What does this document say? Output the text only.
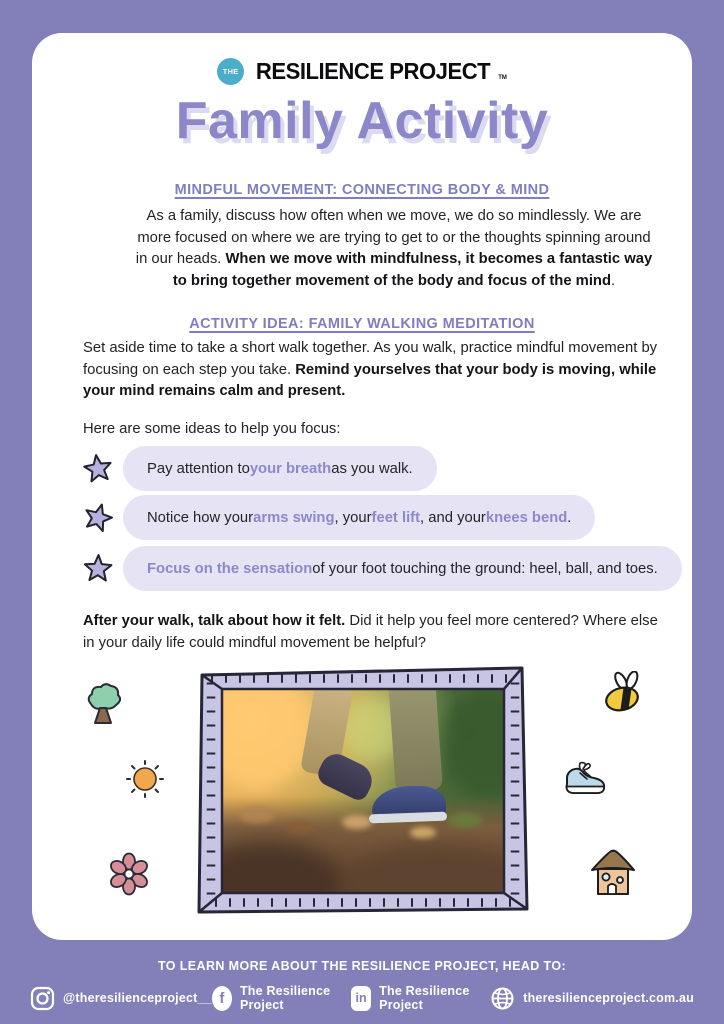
THE RESILIENCE PROJECT TM
Family Activity
MINDFUL MOVEMENT: CONNECTING BODY & MIND

As a family, discuss how often when we move, we do so mindlessly. We are more focused on where we are trying to get to or the thoughts spinning around in our heads. When we move with mindfulness, it becomes a fantastic way to bring together movement of the body and focus of the mind.

ACTIVITY IDEA: FAMILY WALKING MEDITATION

Set aside time to take a short walk together. As you walk, practice mindful movement by focusing on each step you take. Remind yourselves that your body is moving, while your mind remains calm and present.

Here are some ideas to help you focus:

Pay attention to your breath as you walk.
Notice how your arms swing , your feet lift , and your knees bend .
Focus on the sensation of your foot touching the ground: heel, ball, and toes.

After your walk, talk about how it felt. Did it help you feel more centered? Where else in your daily life could mindful movement be helpful?

TO LEARN MORE ABOUT THE RESILIENCE PROJECT, HEAD TO:
@theresilienceproject__ f	The Resilience Project	in	The Resilience Project	theresilienceproject.com.au
